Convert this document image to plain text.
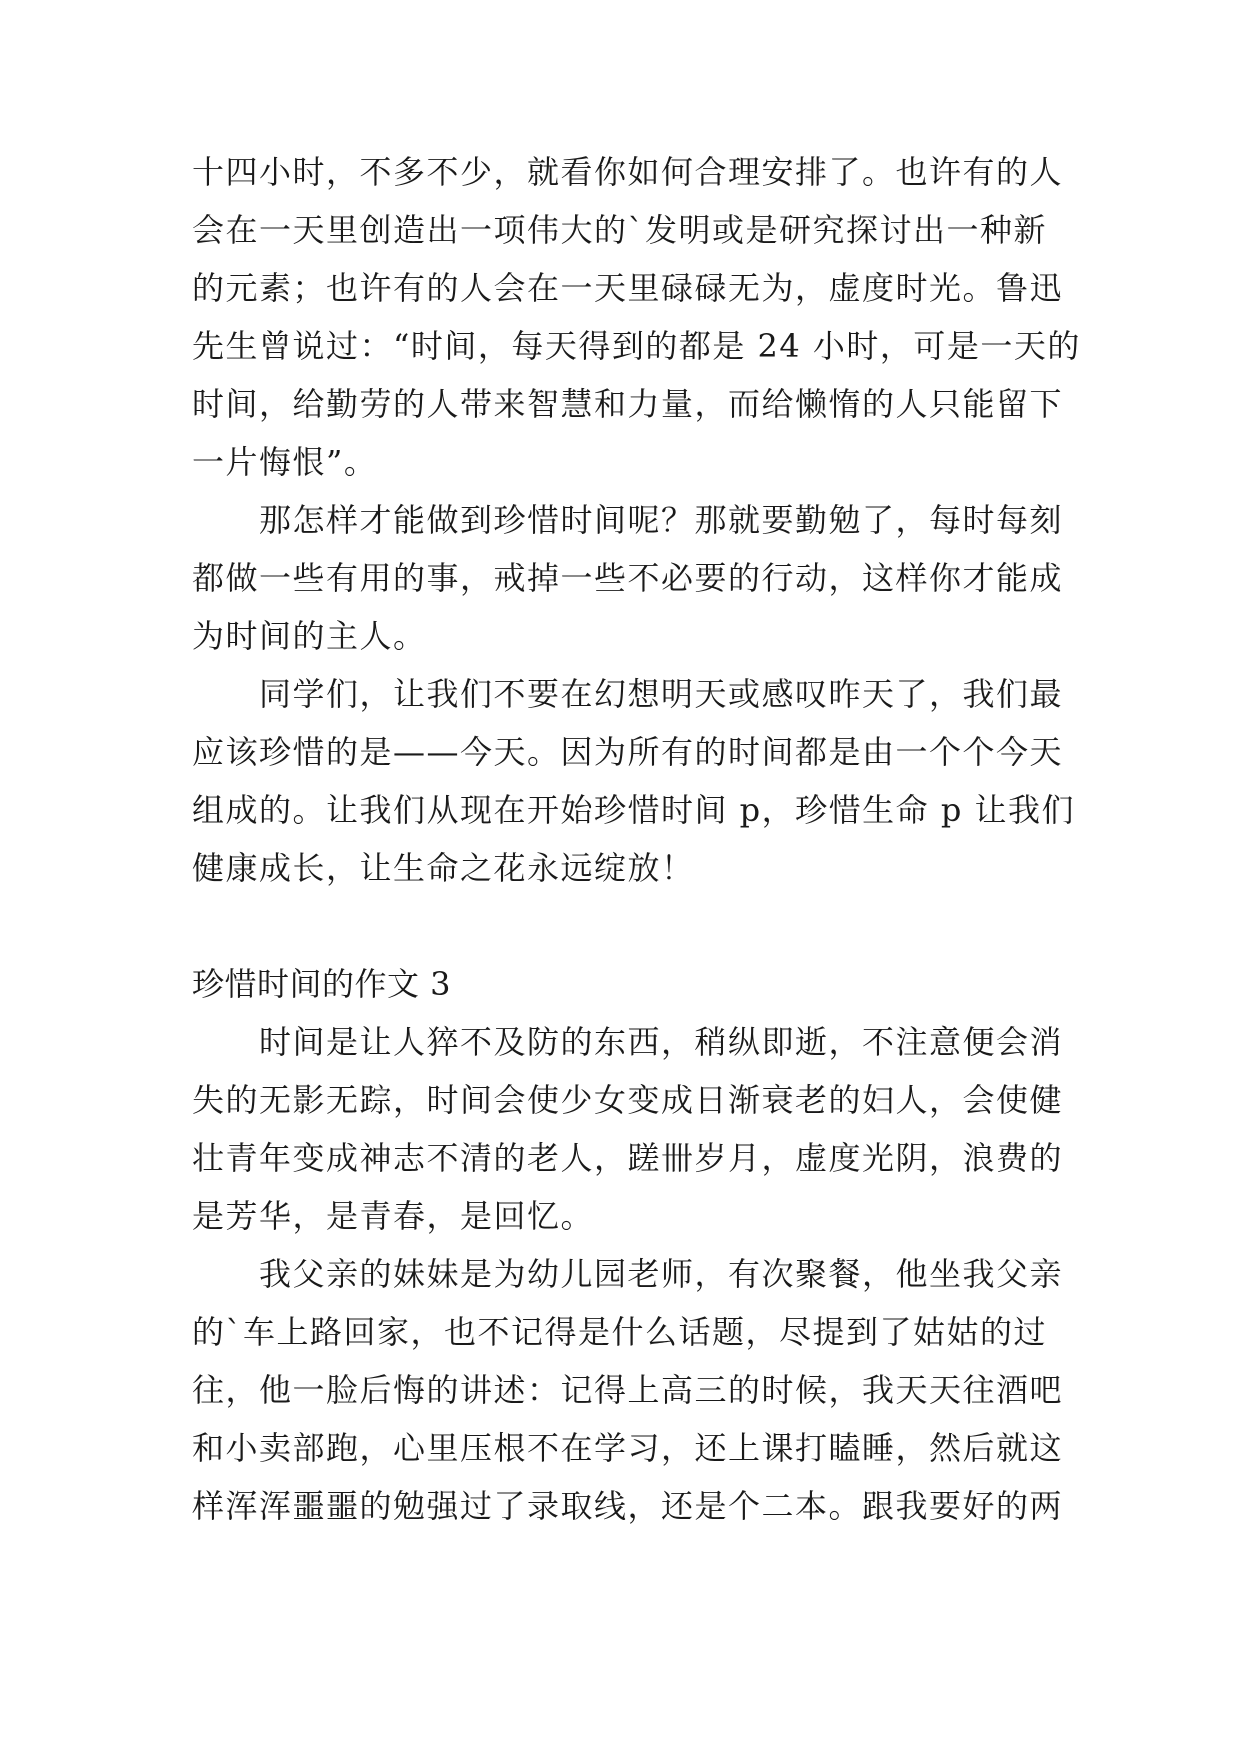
十四小时，不多不少，就看你如何合理安排了。也许有的人
会在一天里创造出一项伟大的`发明或是研究探讨出一种新
的元素；也许有的人会在一天里碌碌无为，虚度时光。鲁迅
先生曾说过：“时间，每天得到的都是 24 小时，可是一天的
时间，给勤劳的人带来智慧和力量，而给懒惰的人只能留下
一片悔恨”。
　　那怎样才能做到珍惜时间呢？那就要勤勉了，每时每刻
都做一些有用的事，戒掉一些不必要的行动，这样你才能成
为时间的主人。
　　同学们，让我们不要在幻想明天或感叹昨天了，我们最
应该珍惜的是——今天。因为所有的时间都是由一个个今天
组成的。让我们从现在开始珍惜时间 p，珍惜生命 p 让我们
健康成长，让生命之花永远绽放！
珍惜时间的作文 3
　　时间是让人猝不及防的东西，稍纵即逝，不注意便会消
失的无影无踪，时间会使少女变成日渐衰老的妇人，会使健
壮青年变成神志不清的老人，蹉卌岁月，虚度光阴，浪费的
是芳华，是青春，是回忆。
　　我父亲的妹妹是为幼儿园老师，有次聚餐，他坐我父亲
的`车上路回家，也不记得是什么话题，尽提到了姑姑的过
往，他一脸后悔的讲述：记得上高三的时候，我天天往酒吧
和小卖部跑，心里压根不在学习，还上课打瞌睡，然后就这
样浑浑噩噩的勉强过了录取线，还是个二本。跟我要好的两
